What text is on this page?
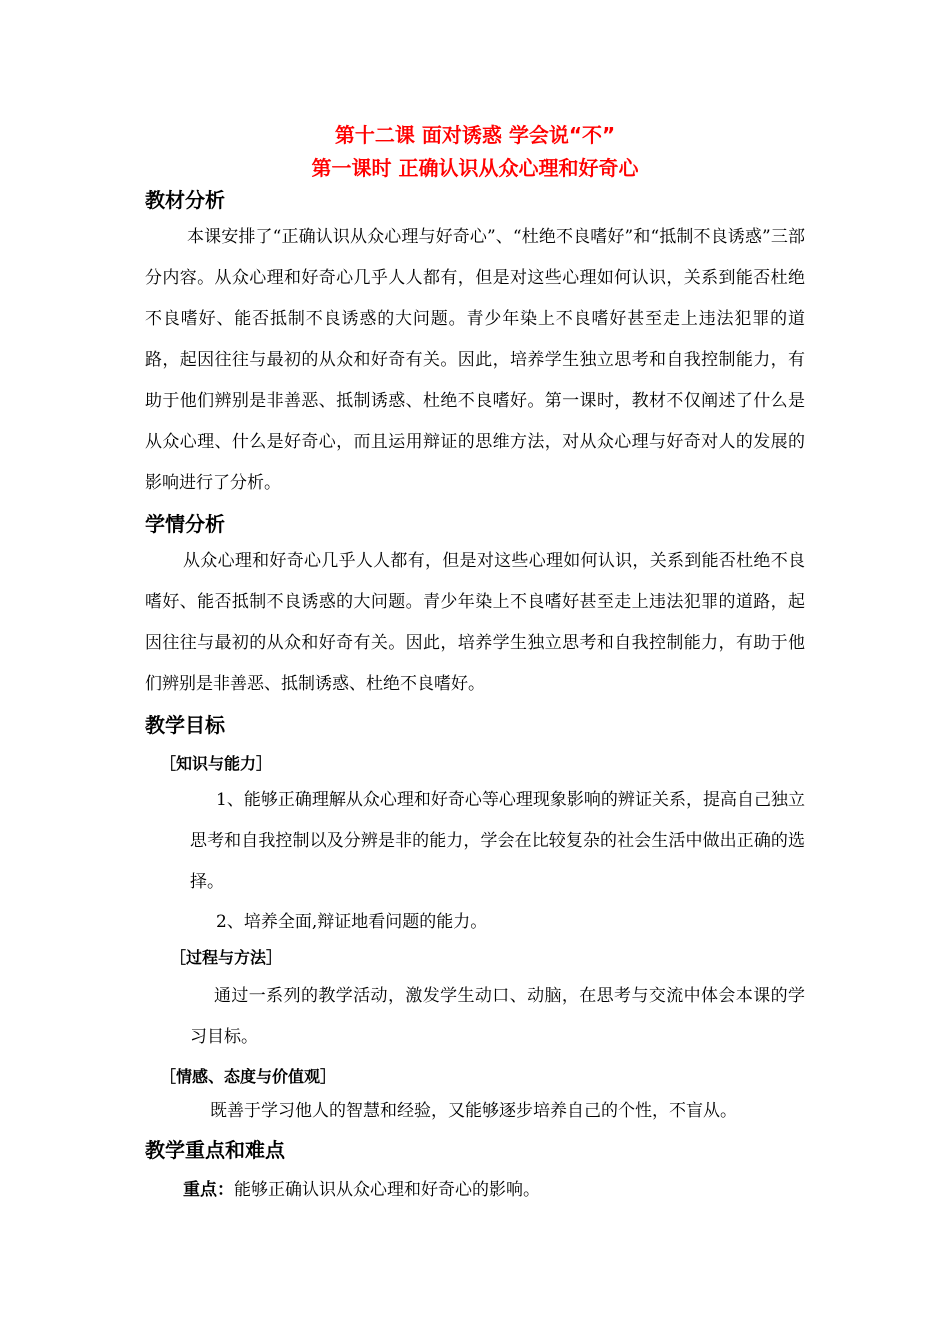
第十二课 面对诱惑 学会说“不”
第一课时 正确认识从众心理和好奇心
教材分析

本课安排了“正确认识从众心理与好奇心”、“杜绝不良嗜好”和“抵制不良诱惑”三部分内容。从众心理和好奇心几乎人人都有，但是对这些心理如何认识，关系到能否杜绝不良嗜好、能否抵制不良诱惑的大问题。青少年染上不良嗜好甚至走上违法犯罪的道路，起因往往与最初的从众和好奇有关。因此，培养学生独立思考和自我控制能力，有助于他们辨别是非善恶、抵制诱惑、杜绝不良嗜好。第一课时，教材不仅阐述了什么是从众心理、什么是好奇心，而且运用辩证的思维方法，对从众心理与好奇对人的发展的影响进行了分析。

学情分析

从众心理和好奇心几乎人人都有，但是对这些心理如何认识，关系到能否杜绝不良嗜好、能否抵制不良诱惑的大问题。青少年染上不良嗜好甚至走上违法犯罪的道路，起因往往与最初的从众和好奇有关。因此，培养学生独立思考和自我控制能力，有助于他们辨别是非善恶、抵制诱惑、杜绝不良嗜好。

教学目标
［知识与能力］

1、能够正确理解从众心理和好奇心等心理现象影响的辨证关系，提高自己独立思考和自我控制以及分辨是非的能力，学会在比较复杂的社会生活中做出正确的选择。

2、培养全面,辩证地看问题的能力。

［过程与方法］

通过一系列的教学活动，激发学生动口、动脑，在思考与交流中体会本课的学习目标。

［情感、态度与价值观］

既善于学习他人的智慧和经验，又能够逐步培养自己的个性，不盲从。

教学重点和难点

重点：能够正确认识从众心理和好奇心的影响。
